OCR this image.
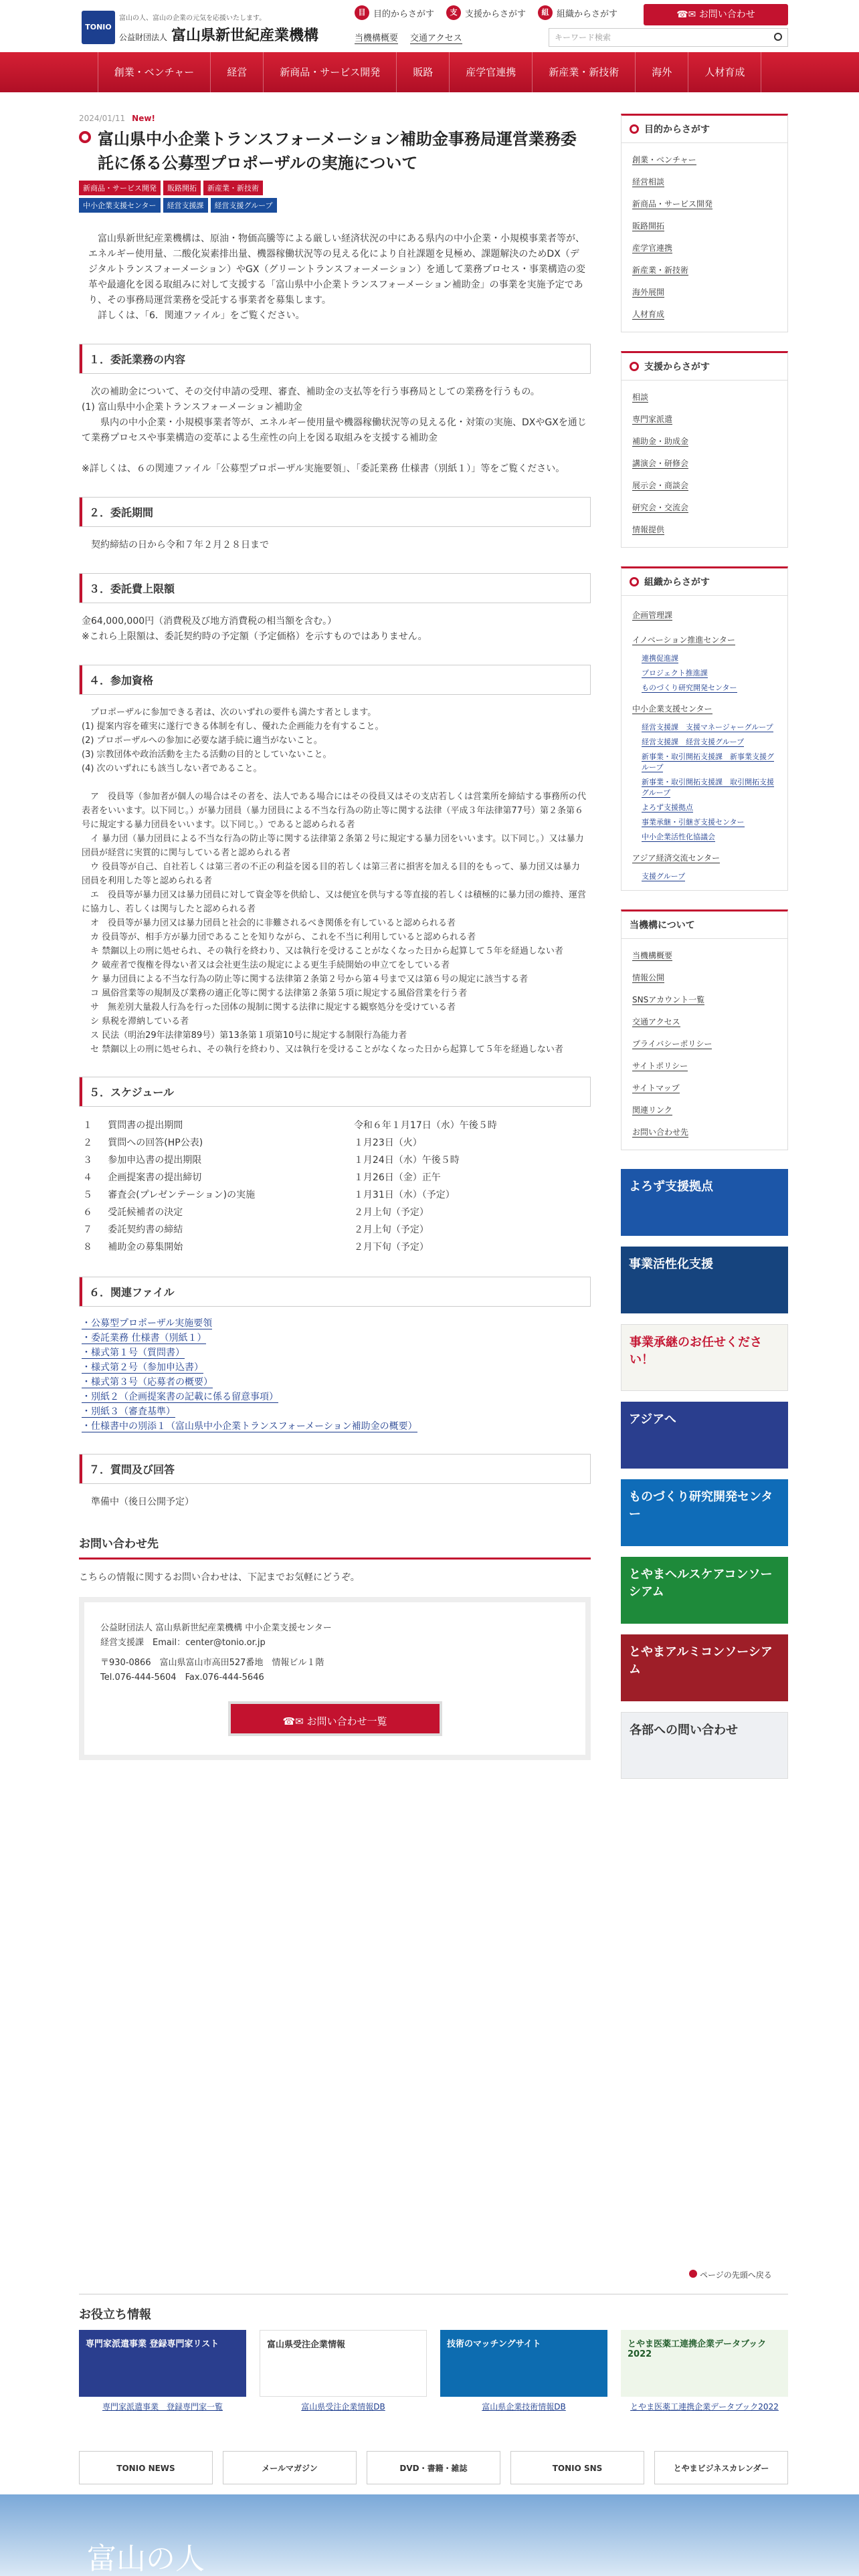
TONIO
富山の人、富山の企業の元気を応援いたします。
公益財団法人 富山県新世紀産業機構
目 目的からさがす	支 支援からさがす	組 組織からさがす	☎✉ お問い合わせ
当機構概要 交通アクセス	キーワード検索
創業・ベンチャー	経営	新商品・サービス開発	販路	産学官連携	新産業・新技術	海外	人材育成
2024/01/11 New!
富山県中小企業トランスフォーメーション補助金事務局運営業務委託に係る公募型プロポーザルの実施について
新商品・サービス開発	販路開拓	新産業・新技術
中小企業支援センター	経営支援課	経営支援グループ
　富山県新世紀産業機構は、原油・物価高騰等による厳しい経済状況の中にある県内の中小企業・小規模事業者等が、エネルギー使用量、二酸化炭素排出量、機器稼働状況等の見える化により自社課題を見極め、課題解決のためDX（デジタルトランスフォーメーション）やGX（グリーントランスフォーメーション）を通して業務プロセス・事業構造の変革や最適化を図る取組みに対して支援する「富山県中小企業トランスフォーメーション補助金」の事業を実施予定であり、その事務局運営業務を受託する事業者を募集します。
　詳しくは、「6．関連ファイル」をご覧ください。
１．委託業務の内容
　次の補助金について、その交付申請の受理、審査、補助金の支払等を行う事務局としての業務を行うもの。
(1) 富山県中小企業トランスフォーメーション補助金
　　県内の中小企業・小規模事業者等が、エネルギー使用量や機器稼働状況等の見える化・対策の実施、DXやGXを通じて業務プロセスや事業構造の変革による生産性の向上を図る取組みを支援する補助金

※詳しくは、６の関連ファイル「公募型プロポーザル実施要領」、「委託業務 仕様書（別紙１）」等をご覧ください。
２．委託期間
　契約締結の日から令和７年２月２８日まで
３．委託費上限額
金64,000,000円（消費税及び地方消費税の相当額を含む。）
※これら上限額は、委託契約時の予定額（予定価格）を示すものではありません。
４．参加資格
　プロポーザルに参加できる者は、次のいずれの要件も満たす者とします。
(1) 提案内容を確実に遂行できる体制を有し、優れた企画能力を有すること。
(2) プロポーザルへの参加に必要な諸手続に適当がないこと。
(3) 宗教団体や政治活動を主たる活動の目的としていないこと。
(4) 次のいずれにも該当しない者であること。

　ア　役員等（参加者が個人の場合はその者を、法人である場合にはその役員又はその支店若しくは営業所を締結する事務所の代表者をいいます。以下同じ。）が暴力団員（暴力団員による不当な行為の防止等に関する法律（平成３年法律第77号）第２条第６号に規定する暴力団員をいいます。以下同じ。）であると認められる者
　イ 暴力団（暴力団員による不当な行為の防止等に関する法律第２条第２号に規定する暴力団をいいます。以下同じ。）又は暴力団員が経営に実質的に関与している者と認められる者
　ウ 役員等が自己、自社若しくは第三者の不正の利益を図る目的若しくは第三者に損害を加える目的をもって、暴力団又は暴力団員を利用した等と認められる者
　エ　役員等が暴力団又は暴力団員に対して資金等を供給し、又は便宜を供与する等直接的若しくは積極的に暴力団の維持、運営に協力し、若しくは関与したと認められる者
　オ　役員等が暴力団又は暴力団員と社会的に非難されるべき関係を有していると認められる者
　カ 役員等が、相手方が暴力団であることを知りながら、これを不当に利用していると認められる者
　キ 禁錮以上の刑に処せられ、その執行を終わり、又は執行を受けることがなくなった日から起算して５年を経過しない者
　ク 破産者で復権を得ない者又は会社更生法の規定による更生手続開始の申立てをしている者
　ケ 暴力団員による不当な行為の防止等に関する法律第２条第２号から第４号まで又は第６号の規定に該当する者
　コ 風俗営業等の規制及び業務の適正化等に関する法律第２条第５項に規定する風俗営業を行う者
　サ　無差別大量殺人行為を行った団体の規制に関する法律に規定する観察処分を受けている者
　シ 県税を滞納している者
　ス 民法（明治29年法律第89号）第13条第１項第10号に規定する制限行為能力者
　セ 禁錮以上の刑に処せられ、その執行を終わり、又は執行を受けることがなくなった日から起算して５年を経過しない者
５．スケジュール
１	質問書の提出期間	令和６年１月17日（水）午後５時
２	質問への回答(HP公表)	１月23日（火）
３	参加申込書の提出期限	１月24日（水）午後５時
４	企画提案書の提出締切	１月26日（金）正午
５	審査会(プレゼンテーション)の実施	１月31日（水）（予定）
６	受託候補者の決定	２月上旬（予定）
７	委託契約書の締結	２月上旬（予定）
８	補助金の募集開始	２月下旬（予定）
６．関連ファイル
・公募型プロポーザル実施要領
・委託業務 仕様書（別紙１）
・様式第１号（質問書）
・様式第２号（参加申込書）
・様式第３号（応募者の概要）
・別紙２（企画提案書の記載に係る留意事項）
・別紙３（審査基準）
・仕様書中の別添１（富山県中小企業トランスフォーメーション補助金の概要）
７．質問及び回答
　準備中（後日公開予定）
お問い合わせ先

こちらの情報に関するお問い合わせは、下記までお気軽にどうぞ。

公益財団法人 富山県新世紀産業機構 中小企業支援センター

経営支援課　Email：center@tonio.or.jp

〒930-0866　富山県富山市高田527番地　情報ビル１階

Tel.076-444-5604　Fax.076-444-5646

☎✉ お問い合わせ一覧
目的からさがす
創業・ベンチャー
経営相談
新商品・サービス開発
販路開拓
産学官連携
新産業・新技術
海外展開
人材育成
支援からさがす
相談
専門家派遣
補助金・助成金
講演会・研修会
展示会・商談会
研究会・交流会
情報提供
組織からさがす
企画管理課
イノベーション推進センター
連携促進課
プロジェクト推進課
ものづくり研究開発センター
中小企業支援センター
経営支援課　支援マネージャーグループ
経営支援課　経営支援グループ
新事業・取引開拓支援課　新事業支援グループ
新事業・取引開拓支援課　取引開拓支援グループ
よろず支援拠点
事業承継・引継ぎ支援センター
中小企業活性化協議会
アジア経済交流センター
支援グループ
当機構について
当機構概要
情報公開
SNSアカウント一覧
交通アクセス
プライバシーポリシー
サイトポリシー
サイトマップ
関連リンク
お問い合わせ先
よろず支援拠点
事業活性化支援
事業承継のお任せください！
アジアへ
ものづくり研究開発センター
とやまヘルスケアコンソーシアム
とやまアルミコンソーシアム
各部への問い合わせ
ページの先頭へ戻る
お役立ち情報
専門家派遣事業 登録専門家リスト
専門家派遣事業　登録専門家一覧
富山県受注企業情報
富山県受注企業情報DB
技術のマッチングサイト
富山県企業技術情報DB
とやま医薬工連携企業データブック2022
とやま医薬工連携企業データブック2022
TONIO NEWS	メールマガジン	DVD・書籍・雑誌	TONIO SNS	とやまビジネスカレンダー
富山の人
